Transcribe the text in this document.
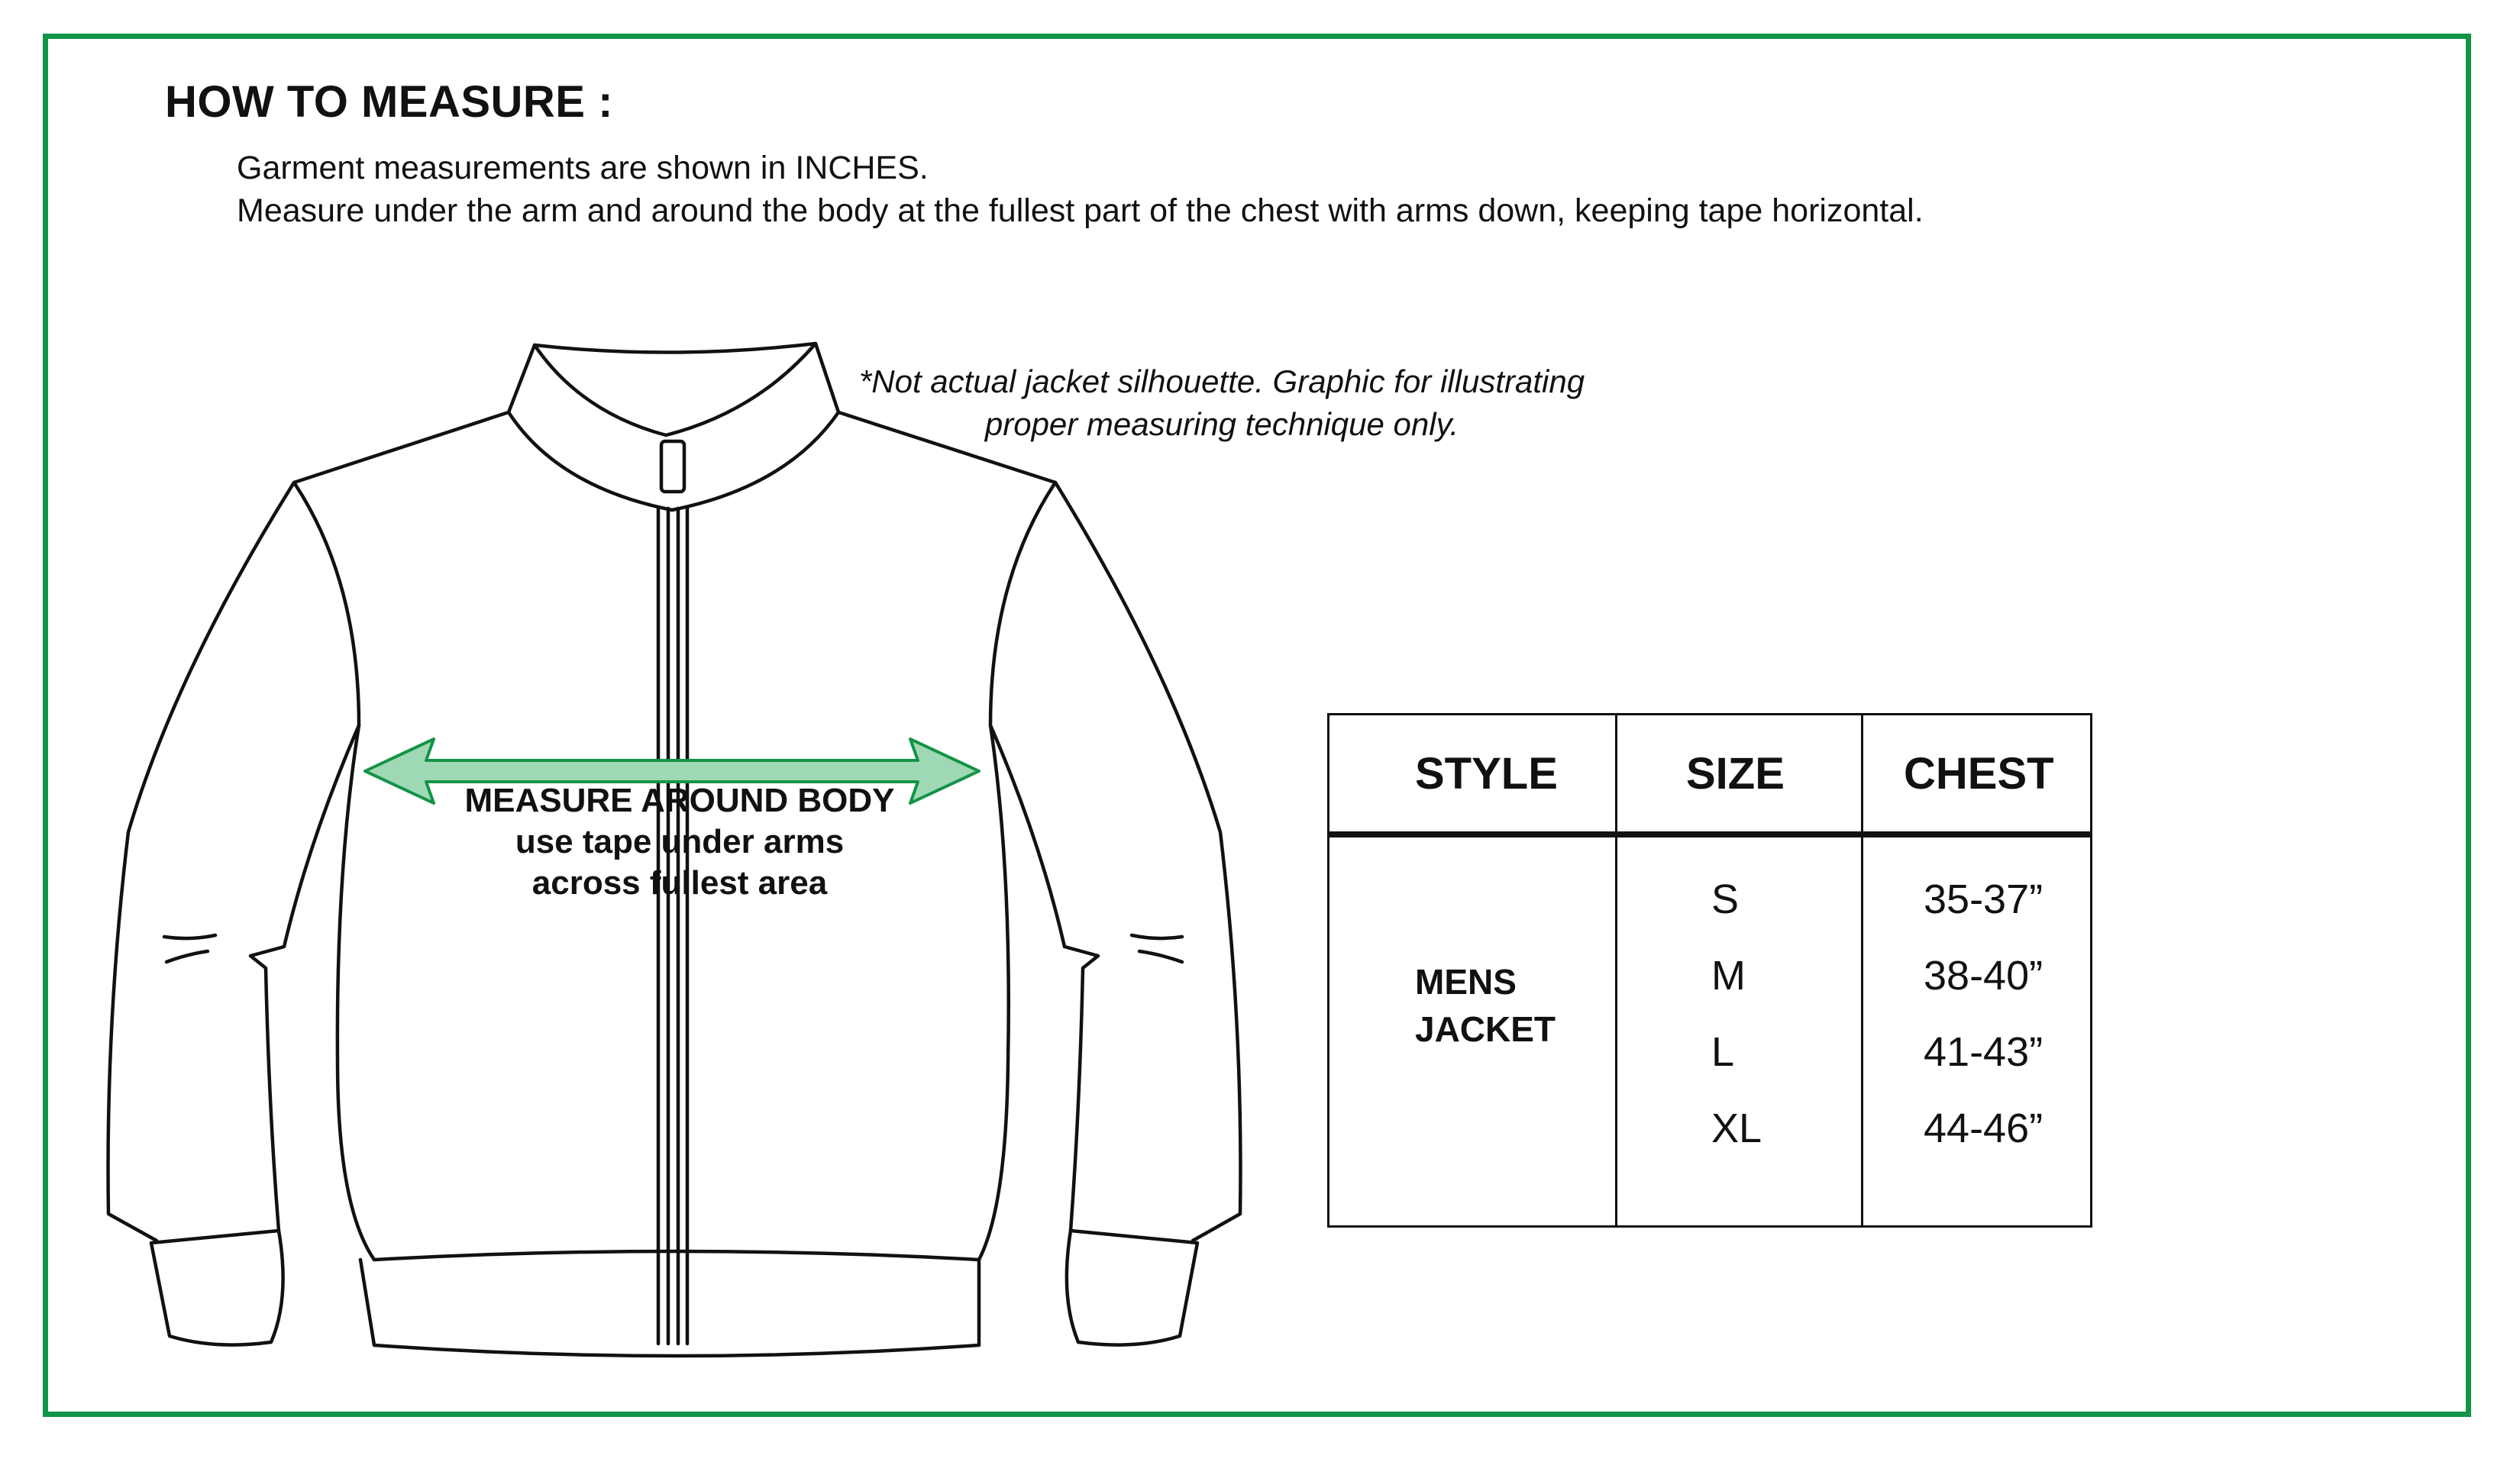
HOW TO MEASURE :
Garment measurements are shown in INCHES.
Measure under the arm and around the body at the fullest part of the chest with arms down, keeping tape horizontal.
*Not actual jacket silhouette. Graphic for illustrating
proper measuring technique only.
MEASURE AROUND BODY
use tape under arms
across fullest area
STYLE	SIZE	CHEST
MENS
JACKET
S	35-37”
M	38-40”
L	41-43”
XL	44-46”
